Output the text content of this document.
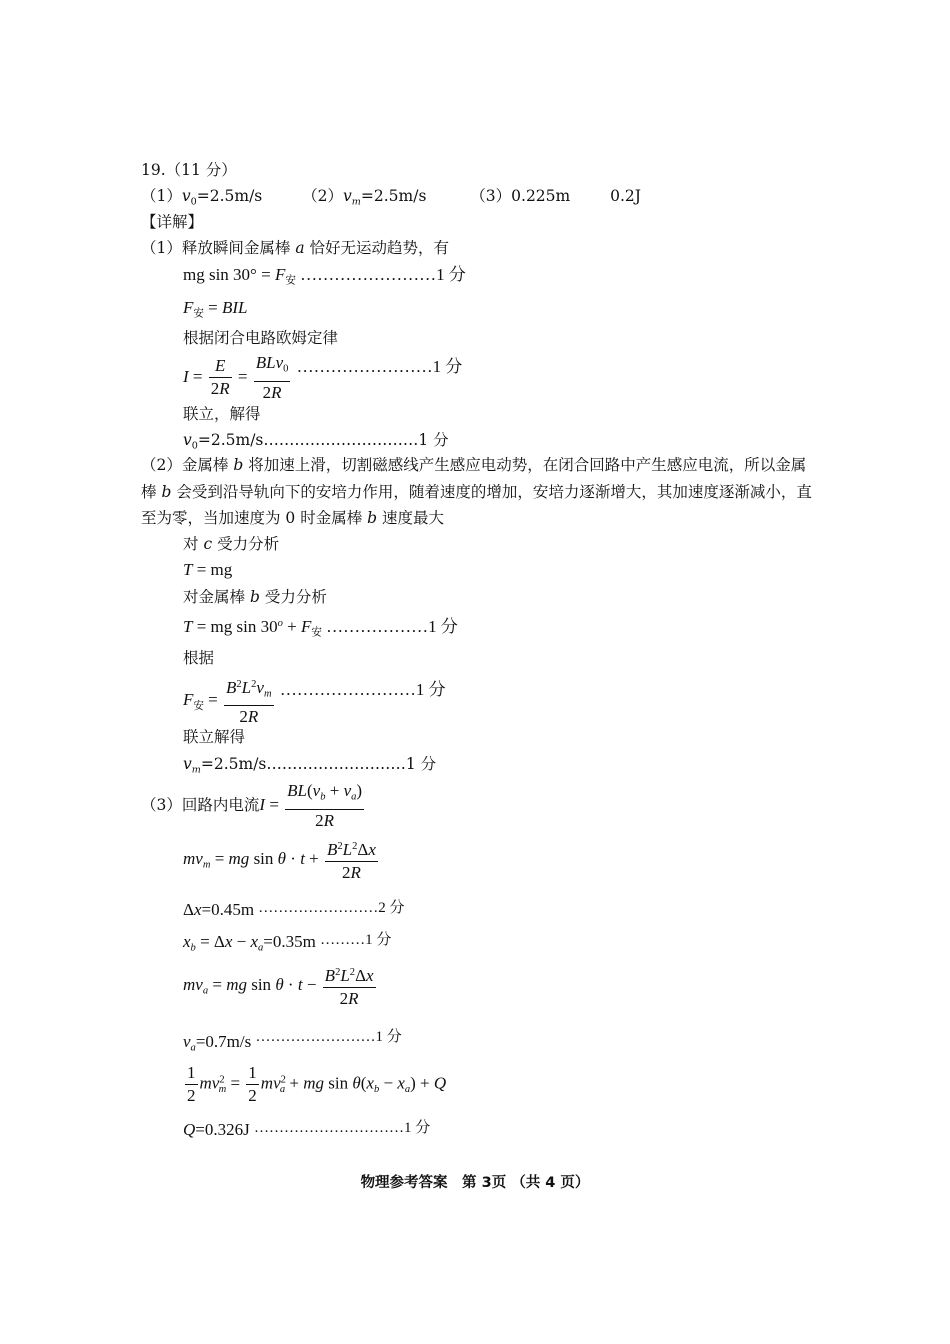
19.（11 分）
$(1)v_0=2.5m/s$	$(2)v_m=2.5m/s$	（3）0.225m	0.2J
【详解】
（1）释放瞬间金属棒 a 恰好无运动趋势，有
mg $\sin 30^\circ = F_安$ ……………………1 分
$F_安$ = BIL
根据闭合电路欧姆定律
$I = \frac{E}{2R} = \frac{BLv_0}{2R}$ ……………………1 分
联立，解得
$v_0=2.5m/s\dots\dots\dots\dots\dots\dots\dots\dots\dots\dots 1$ 分
（2）金属棒 b 将加速上滑，切割磁感线产生感应电动势，在闭合回路中产生感应电流，所以金属棒 b 会受到沿导轨向下的安培力作用，随着速度的增加，安培力逐渐增大，其加速度逐渐减小，直至为零，当加速度为 0 时金属棒 b 速度最大
对 c 受力分析
T = mg
对金属棒 b 受力分析
T = mg $\sin 30^o + F_安$ ………………1 分
根据
$F_安 = \frac{B^2L^2v_m}{2R}$ ……………………1 分
联立解得
$v_m=2.5m/s\dots\dots\dots\dots\dots\dots\dots\dots\dots 1$ 分
（3）回路内电流$I = \frac{BL(v_b + v_a)}{2R}$
$mv_m$ = mg $\sin \theta \cdot t + \frac{B^2L^2\Delta x}{2R}$
Δx=0.45m ……………………2 分
$x_b = \Delta x - x_a=0.35m$ ………1 分
$mv_a$ = mg $\sin \theta \cdot t - \frac{B^2L^2\Delta x}{2R}$
$v_a=0.7m/s$ ……………………1 分
$\frac{1}{2} mv^2_m = \frac{1}{2} mv^2_a$ + mg $\sin \theta(x_b - x_a) + Q$
Q=0.326J …………………………1 分
物理参考答案　第 3页 （共 4 页）
